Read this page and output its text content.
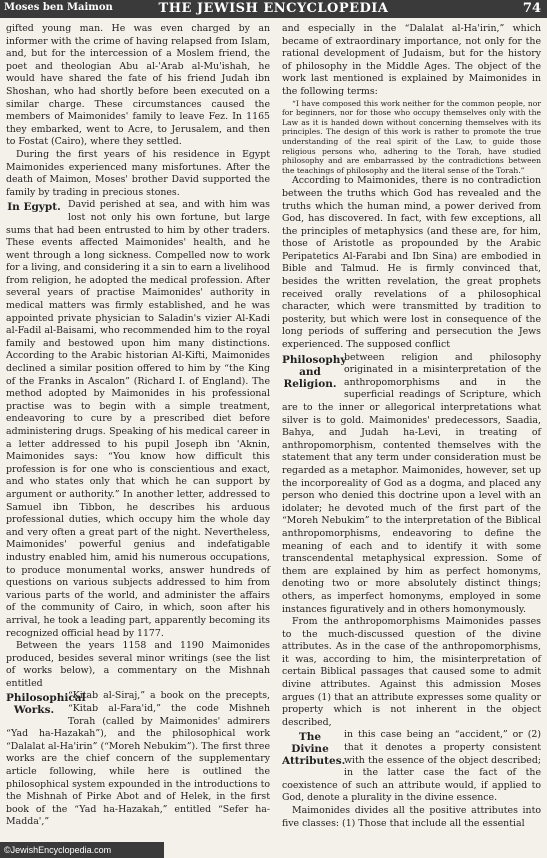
Moses ben Maimon	THE JEWISH ENCYCLOPEDIA	74

gifted young man. He was even charged by an informer with the crime of having relapsed from Islam, and, but for the intercession of a Moslem friend, the poet and theologian Abu al-'Arab al-Mu'ishah, he would have shared the fate of his friend Judah ibn Shoshan, who had shortly before been executed on a similar charge. These circumstances caused the members of Maimonides' family to leave Fez. In 1165 they embarked, went to Acre, to Jerusalem, and then to Fostat (Cairo), where they settled.

During the first years of his residence in Egypt Maimonides experienced many misfortunes. After the death of Maimon, Moses' brother David supported the family by trading in precious stones.

In Egypt. David perished at sea, and with him was lost not only his own fortune, but large sums that had been entrusted to him by other traders. These events affected Maimonides' health, and he went through a long sickness. Compelled now to work for a living, and considering it a sin to earn a livelihood from religion, he adopted the medical profession. After several years of practise Maimonides' authority in medical matters was firmly established, and he was appointed private physician to Saladin's vizier Al-Kadi al-Fadil al-Baisami, who recommended him to the royal family and bestowed upon him many distinctions. According to the Arabic historian Al-Kifti, Maimonides declined a similar position offered to him by “the King of the Franks in Ascalon” (Richard I. of England). The method adopted by Maimonides in his professional practise was to begin with a simple treatment, endeavoring to cure by a prescribed diet before administering drugs. Speaking of his medical career in a letter addressed to his pupil Joseph ibn 'Aknin, Maimonides says: “You know how difficult this profession is for one who is conscientious and exact, and who states only that which he can support by argument or authority.” In another letter, addressed to Samuel ibn Tibbon, he describes his arduous professional duties, which occupy him the whole day and very often a great part of the night. Nevertheless, Maimonides' powerful genius and indefatigable industry enabled him, amid his numerous occupations, to produce monumental works, answer hundreds of questions on various subjects addressed to him from various parts of the world, and administer the affairs of the community of Cairo, in which, soon after his arrival, he took a leading part, apparently becoming its recognized official head by 1177.

Between the years 1158 and 1190 Maimonides produced, besides several minor writings (see the list of works below), a commentary on the Mishnah entitled

Philosophical Works.

“Kitab al-Siraj,” a book on the precepts, “Kitab al-Fara'id,” the code Mishneh Torah (called by Maimonides' admirers “Yad ha-Hazakah”), and the philosophical work “Dalalat al-Ha'irin” (“Moreh Nebukim”). The first three works are the chief concern of the supplementary article following, while here is outlined the philosophical system expounded in the introductions to the Mishnah of Pirke Abot and of Helek, in the first book of the “Yad ha-Hazakah,” entitled “Sefer ha-Madda',”

and especially in the “Dalalat al-Ha'irin,” which became of extraordinary importance, not only for the rational development of Judaism, but for the history of philosophy in the Middle Ages. The object of the work last mentioned is explained by Maimonides in the following terms:

“I have composed this work neither for the common people, nor for beginners, nor for those who occupy themselves only with the Law as it is handed down without concerning themselves with its principles. The design of this work is rather to promote the true understanding of the real spirit of the Law, to guide those religious persons who, adhering to the Torah, have studied philosophy and are embarrassed by the contradictions between the teachings of philosophy and the literal sense of the Torah.”

According to Maimonides, there is no contradiction between the truths which God has revealed and the truths which the human mind, a power derived from God, has discovered. In fact, with few exceptions, all the principles of metaphysics (and these are, for him, those of Aristotle as propounded by the Arabic Peripatetics Al-Farabi and Ibn Sina) are embodied in Bible and Talmud. He is firmly convinced that, besides the written revelation, the great prophets received orally revelations of a philosophical character, which were transmitted by tradition to posterity, but which were lost in consequence of the long periods of suffering and persecution the Jews experienced. The supposed conflict

Philosophy and Religion.

between religion and philosophy originated in a misinterpretation of the anthropomorphisms and in the superficial readings of Scripture, which are to the inner or allegorical interpretations what silver is to gold. Maimonides' predecessors, Saadia, Bahya, and Judah ha-Levi, in treating of anthropomorphism, contented themselves with the statement that any term under consideration must be regarded as a metaphor. Maimonides, however, set up the incorporeality of God as a dogma, and placed any person who denied this doctrine upon a level with an idolater; he devoted much of the first part of the “Moreh Nebukim” to the interpretation of the Biblical anthropomorphisms, endeavoring to define the meaning of each and to identify it with some transcendental metaphysical expression. Some of them are explained by him as perfect homonyms, denoting two or more absolutely distinct things; others, as imperfect homonyms, employed in some instances figuratively and in others homonymously.

From the anthropomorphisms Maimonides passes to the much-discussed question of the divine attributes. As in the case of the anthropomorphisms, it was, according to him, the misinterpretation of certain Biblical passages that caused some to admit divine attributes. Against this admission Moses argues (1) that an attribute expresses some quality or property which is not inherent in the object described,

The Divine Attributes.

in this case being an “accident,” or (2) that it denotes a property consistent with the essence of the object described; in the latter case the fact of the coexistence of such an attribute would, if applied to God, denote a plurality in the divine essence.

Maimonides divides all the positive attributes into five classes: (1) Those that include all the essential

©JewishEncyclopedia.com
